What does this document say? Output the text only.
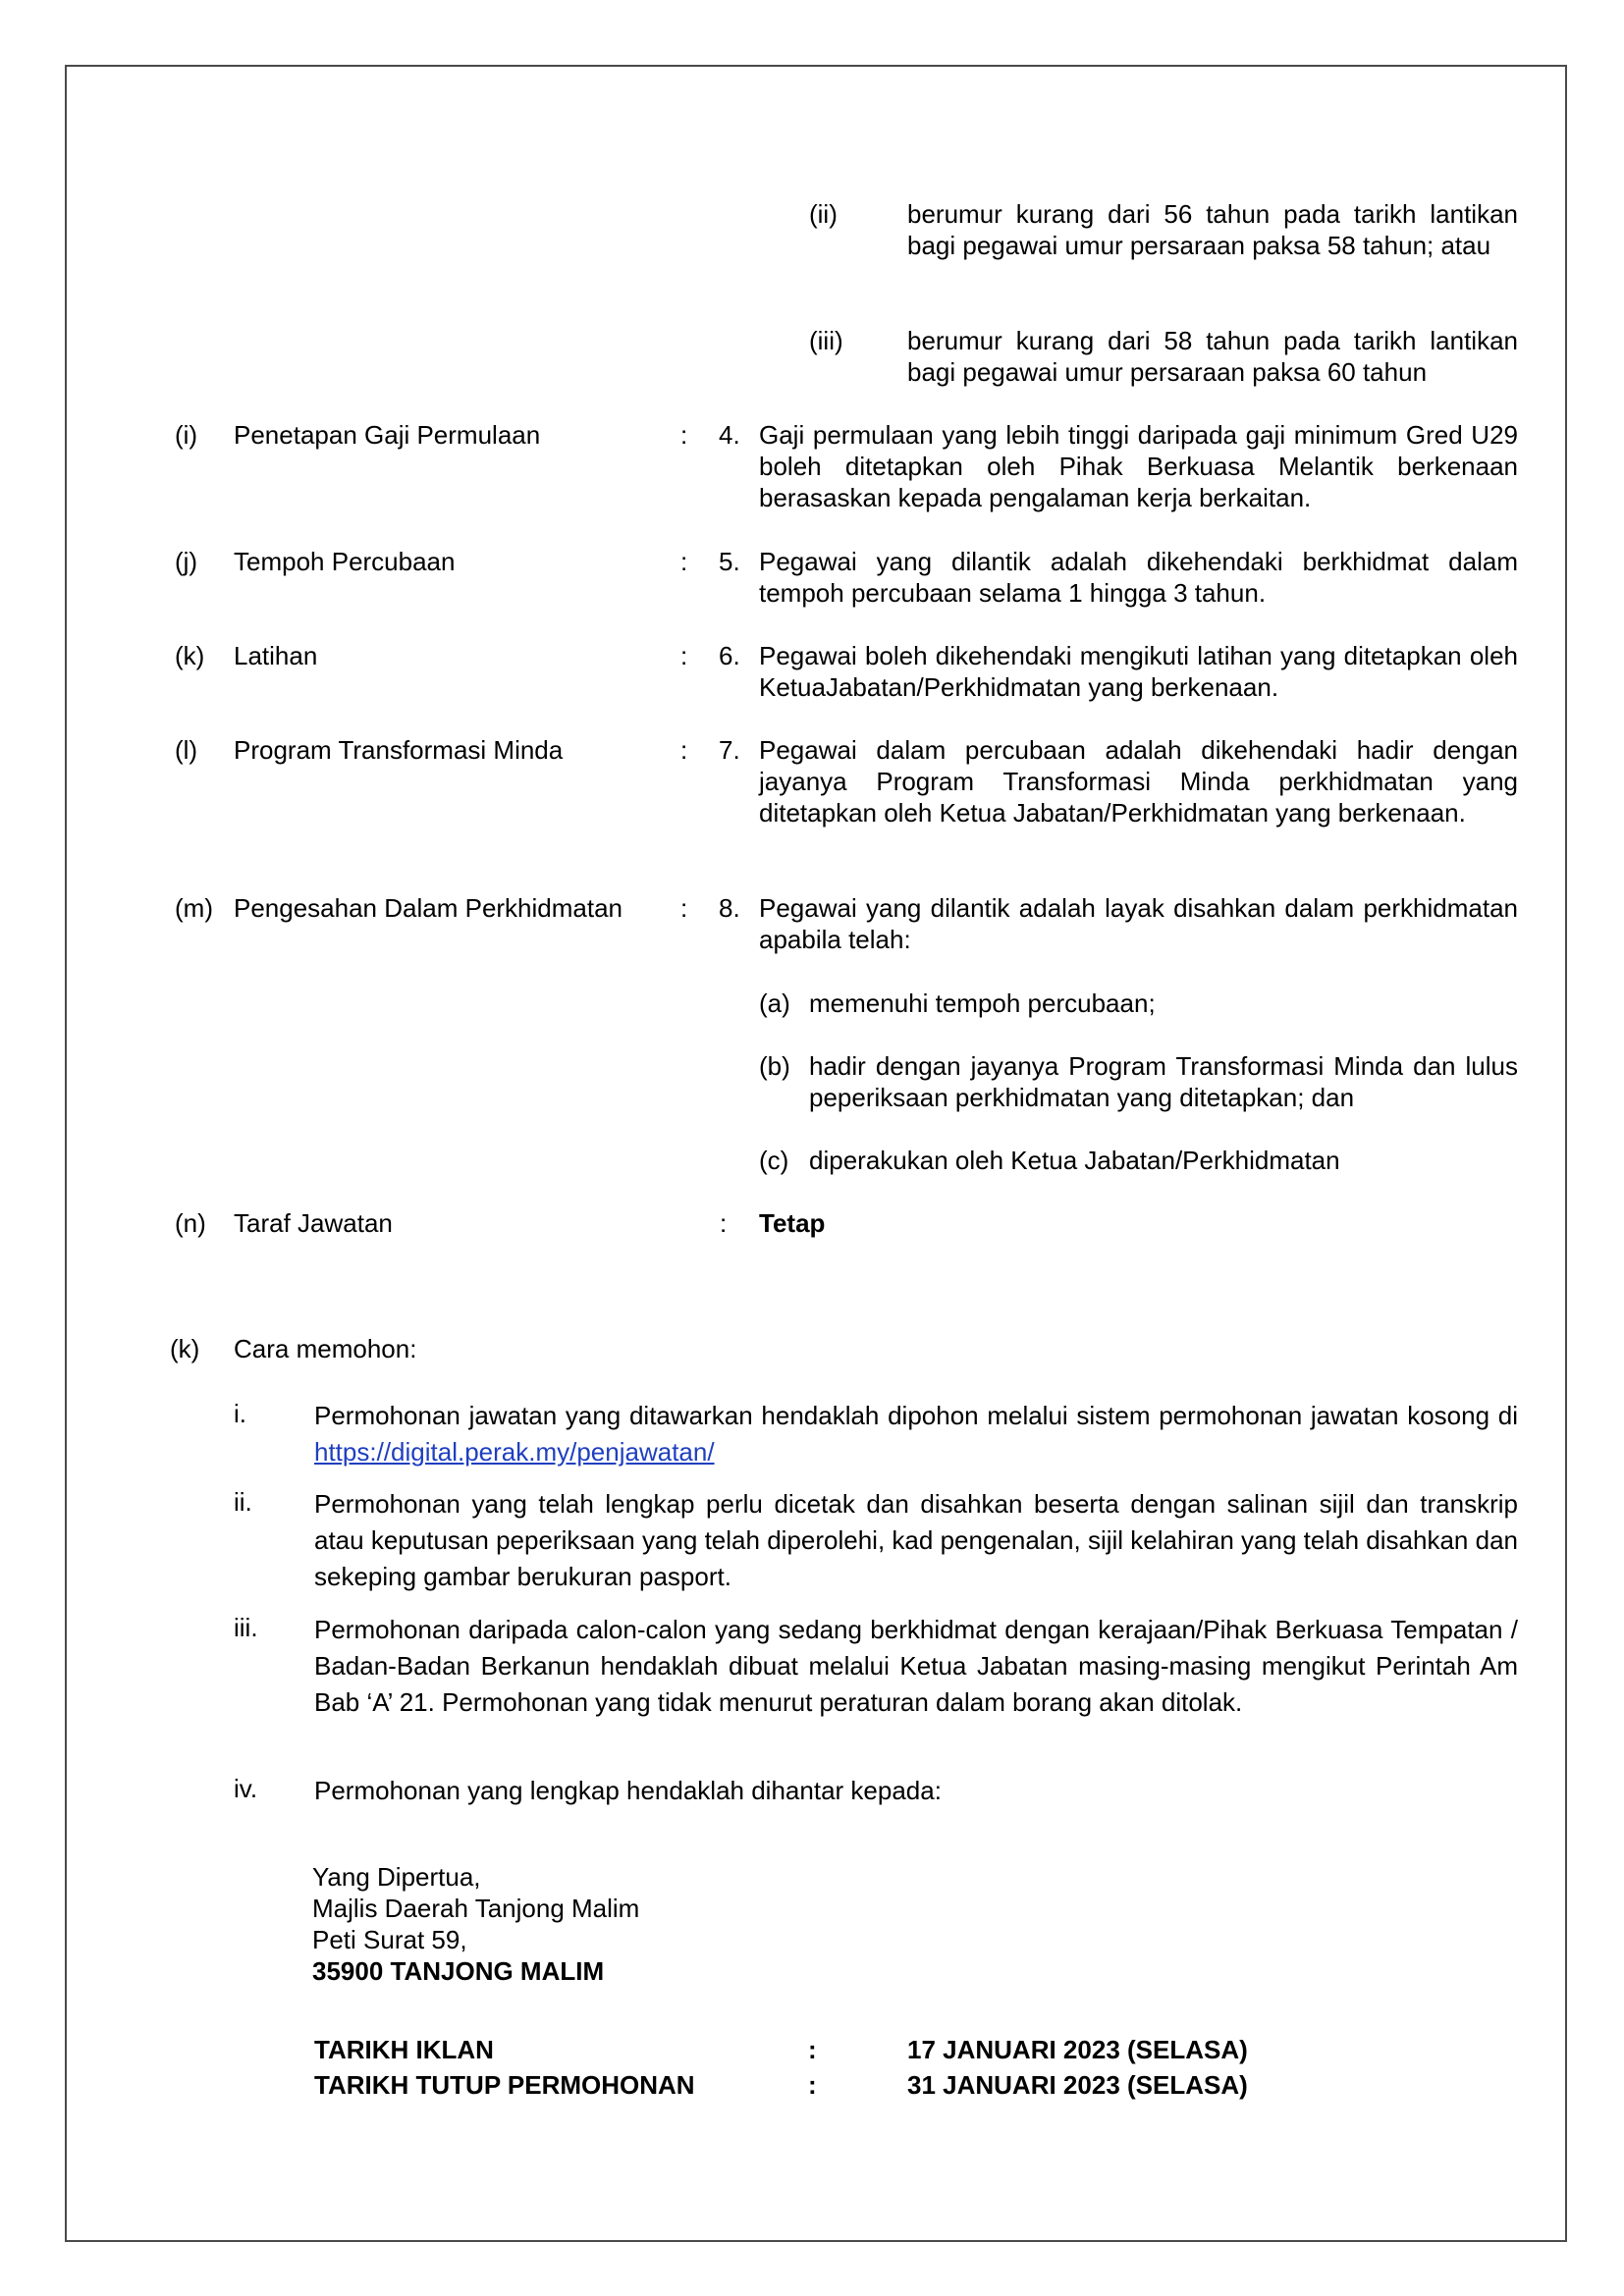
(ii)	berumur kurang dari 56 tahun pada tarikh lantikan bagi pegawai umur persaraan paksa 58 tahun; atau
(iii)	berumur kurang dari 58 tahun pada tarikh lantikan bagi pegawai umur persaraan paksa 60 tahun
(i) Penetapan Gaji Permulaan	: 4. Gaji permulaan yang lebih tinggi daripada gaji minimum Gred U29 boleh ditetapkan oleh Pihak Berkuasa Melantik berkenaan berasaskan kepada pengalaman kerja berkaitan.
(j) Tempoh Percubaan	: 5. Pegawai yang dilantik adalah dikehendaki berkhidmat dalam tempoh percubaan selama 1 hingga 3 tahun.
(k) Latihan	: 6. Pegawai boleh dikehendaki mengikuti latihan yang ditetapkan oleh KetuaJabatan/Perkhidmatan yang berkenaan.
(l) Program Transformasi Minda	: 7. Pegawai dalam percubaan adalah dikehendaki hadir dengan jayanya Program Transformasi Minda perkhidmatan yang ditetapkan oleh Ketua Jabatan/Perkhidmatan yang berkenaan.
(m) Pengesahan Dalam Perkhidmatan : 8. Pegawai yang dilantik adalah layak disahkan dalam perkhidmatan apabila telah:
(a) memenuhi tempoh percubaan;
(b) hadir dengan jayanya Program Transformasi Minda dan lulus peperiksaan perkhidmatan yang ditetapkan; dan
(c) diperakukan oleh Ketua Jabatan/Perkhidmatan
(n) Taraf Jawatan	: Tetap
(k) Cara memohon:
i.	Permohonan jawatan yang ditawarkan hendaklah dipohon melalui sistem permohonan jawatan kosong di https://digital.perak.my/penjawatan/
ii. Permohonan yang telah lengkap perlu dicetak dan disahkan beserta dengan salinan sijil dan transkrip atau keputusan peperiksaan yang telah diperolehi, kad pengenalan, sijil kelahiran yang telah disahkan dan sekeping gambar berukuran pasport.
iii. Permohonan daripada calon-calon yang sedang berkhidmat dengan kerajaan/Pihak Berkuasa Tempatan / Badan-Badan Berkanun hendaklah dibuat melalui Ketua Jabatan masing-masing mengikut Perintah Am Bab ‘A’ 21. Permohonan yang tidak menurut peraturan dalam borang akan ditolak.
iv. Permohonan yang lengkap hendaklah dihantar kepada:
Yang Dipertua,
Majlis Daerah Tanjong Malim
Peti Surat 59,
35900 TANJONG MALIM
TARIKH IKLAN	:	17 JANUARI 2023 (SELASA)
TARIKH TUTUP PERMOHONAN	:	31 JANUARI 2023 (SELASA)
